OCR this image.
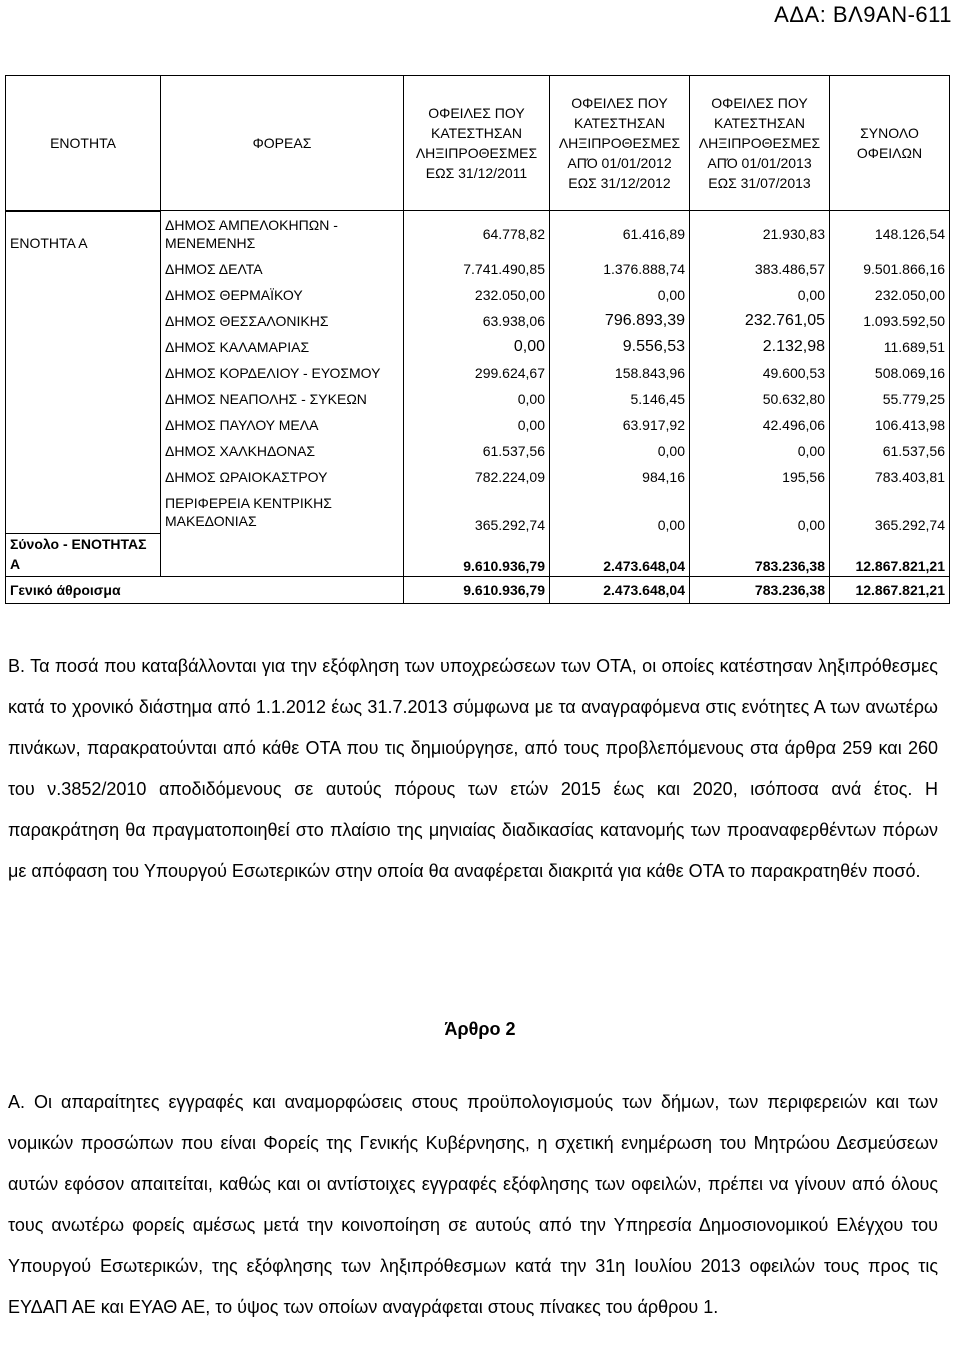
ΑΔΑ: ΒΛ9ΑΝ-611
ΕΝΟΤΗΤΑ	ΦΟΡΕΑΣ	ΟΦΕΙΛΕΣ ΠΟΥ ΚΑΤΕΣΤΗΣΑΝ ΛΗΞΙΠΡΟΘΕΣΜΕΣ ΕΩΣ 31/12/2011	ΟΦΕΙΛΕΣ ΠΟΥ ΚΑΤΕΣΤΗΣΑΝ ΛΗΞΙΠΡΟΘΕΣΜΕΣ ΑΠΌ 01/01/2012 ΕΩΣ 31/12/2012	ΟΦΕΙΛΕΣ ΠΟΥ ΚΑΤΕΣΤΗΣΑΝ ΛΗΞΙΠΡΟΘΕΣΜΕΣ ΑΠΌ 01/01/2013 ΕΩΣ 31/07/2013	ΣΥΝΟΛΟ ΟΦΕΙΛΩΝ

ΕΝΟΤΗΤΑ Α	ΔΗΜΟΣ ΑΜΠΕΛΟΚΗΠΩΝ - ΜΕΝΕΜΕΝΗΣ	64.778,82	61.416,89	21.930,83	148.126,54
	ΔΗΜΟΣ ΔΕΛΤΑ	7.741.490,85	1.376.888,74	383.486,57	9.501.866,16
	ΔΗΜΟΣ ΘΕΡΜΑΪΚΟΥ	232.050,00	0,00	0,00	232.050,00
	ΔΗΜΟΣ ΘΕΣΣΑΛΟΝΙΚΗΣ	63.938,06	796.893,39	232.761,05	1.093.592,50
	ΔΗΜΟΣ ΚΑΛΑΜΑΡΙΑΣ	0,00	9.556,53	2.132,98	11.689,51
	ΔΗΜΟΣ ΚΟΡΔΕΛΙΟΥ - ΕΥΟΣΜΟΥ	299.624,67	158.843,96	49.600,53	508.069,16
	ΔΗΜΟΣ ΝΕΑΠΟΛΗΣ - ΣΥΚΕΩΝ	0,00	5.146,45	50.632,80	55.779,25
	ΔΗΜΟΣ ΠΑΥΛΟΥ ΜΕΛΑ	0,00	63.917,92	42.496,06	106.413,98
	ΔΗΜΟΣ ΧΑΛΚΗΔΟΝΑΣ	61.537,56	0,00	0,00	61.537,56
	ΔΗΜΟΣ ΩΡΑΙΟΚΑΣΤΡΟΥ	782.224,09	984,16	195,56	783.403,81
	ΠΕΡΙΦΕΡΕΙΑ ΚΕΝΤΡΙΚΗΣ ΜΑΚΕΔΟΝΙΑΣ	365.292,74	0,00	0,00	365.292,74
Σύνολο - ΕΝΟΤΗΤΑΣ Α		9.610.936,79	2.473.648,04	783.236,38	12.867.821,21
Γενικό άθροισμα		9.610.936,79	2.473.648,04	783.236,38	12.867.821,21

Β. Τα ποσά που καταβάλλονται για την εξόφληση των υποχρεώσεων των ΟΤΑ, οι οποίες κατέστησαν ληξιπρόθεσμες κατά το χρονικό διάστημα από 1.1.2012 έως 31.7.2013 σύμφωνα με τα αναγραφόμενα στις ενότητες Α των ανωτέρω πινάκων, παρακρατούνται από κάθε ΟΤΑ που τις δημιούργησε, από τους προβλεπόμενους στα άρθρα 259 και 260 του ν.3852/2010 αποδιδόμενους σε αυτούς πόρους των ετών 2015 έως και 2020, ισόποσα ανά έτος. Η παρακράτηση θα πραγματοποιηθεί στο πλαίσιο της μηνιαίας διαδικασίας κατανομής των προαναφερθέντων πόρων με απόφαση του Υπουργού Εσωτερικών στην οποία θα αναφέρεται διακριτά για κάθε ΟΤΑ το παρακρατηθέν ποσό.

Άρθρο 2

Α. Οι απαραίτητες εγγραφές και αναμορφώσεις στους προϋπολογισμούς των δήμων, των περιφερειών και των νομικών προσώπων που είναι Φορείς της Γενικής Κυβέρνησης, η σχετική ενημέρωση του Μητρώου Δεσμεύσεων αυτών εφόσον απαιτείται, καθώς και οι αντίστοιχες εγγραφές εξόφλησης των οφειλών, πρέπει να γίνουν από όλους τους ανωτέρω φορείς αμέσως μετά την κοινοποίηση σε αυτούς από την Υπηρεσία Δημοσιονομικού Ελέγχου του Υπουργού Εσωτερικών, της εξόφλησης των ληξιπρόθεσμων κατά την 31η Ιουλίου 2013 οφειλών τους προς τις ΕΥΔΑΠ ΑΕ και ΕΥΑΘ ΑΕ, το ύψος των οποίων αναγράφεται στους πίνακες του άρθρου 1.
